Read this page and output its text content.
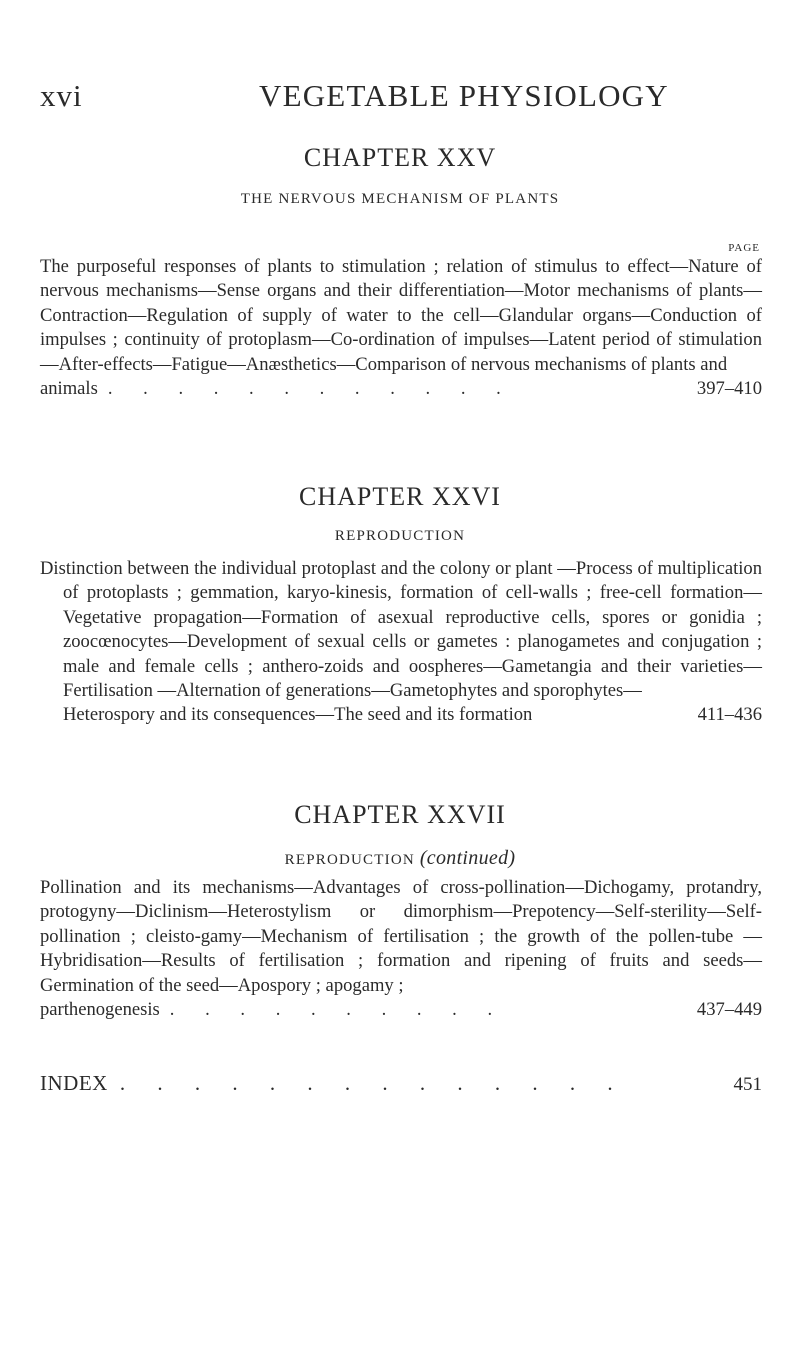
xvi	VEGETABLE PHYSIOLOGY
CHAPTER XXV
THE NERVOUS MECHANISM OF PLANTS
PAGE
The purposeful responses of plants to stimulation ; relation of stimulus to effect—Nature of nervous mechanisms—Sense organs and their differentiation—Motor mechanisms of plants—Contraction—Regulation of supply of water to the cell—Glandular organs—Conduction of impulses ; continuity of protoplasm—Co-ordination of impulses—Latent period of stimulation—After-effects—Fatigue—Anæsthetics—Comparison of nervous mechanisms of plants and
animals . . . . . . . . . . . .	397–410
CHAPTER XXVI
REPRODUCTION
Distinction between the individual protoplast and the colony or plant —Process of multiplication of protoplasts ; gemmation, karyo-kinesis, formation of cell-walls ; free-cell formation—Vegetative propagation—Formation of asexual reproductive cells, spores or gonidia ; zoocœnocytes—Development of sexual cells or gametes : planogametes and conjugation ; male and female cells ; anthero-zoids and oospheres—Gametangia and their varieties—Fertilisation —Alternation of generations—Gametophytes and sporophytes—
Heterospory and its consequences—The seed and its formation	411–436
CHAPTER XXVII
REPRODUCTION (continued)
Pollination and its mechanisms—Advantages of cross-pollination—Dichogamy, protandry, protogyny—Diclinism—Heterostylism or dimorphism—Prepotency—Self-sterility—Self-pollination ; cleisto-gamy—Mechanism of fertilisation ; the growth of the pollen-tube —Hybridisation—Results of fertilisation ; formation and ripening of fruits and seeds—Germination of the seed—Apospory ; apogamy ;
parthenogenesis . . . . . . . . . .	437–449
INDEX . . . . . . . . . . . . . .	451
